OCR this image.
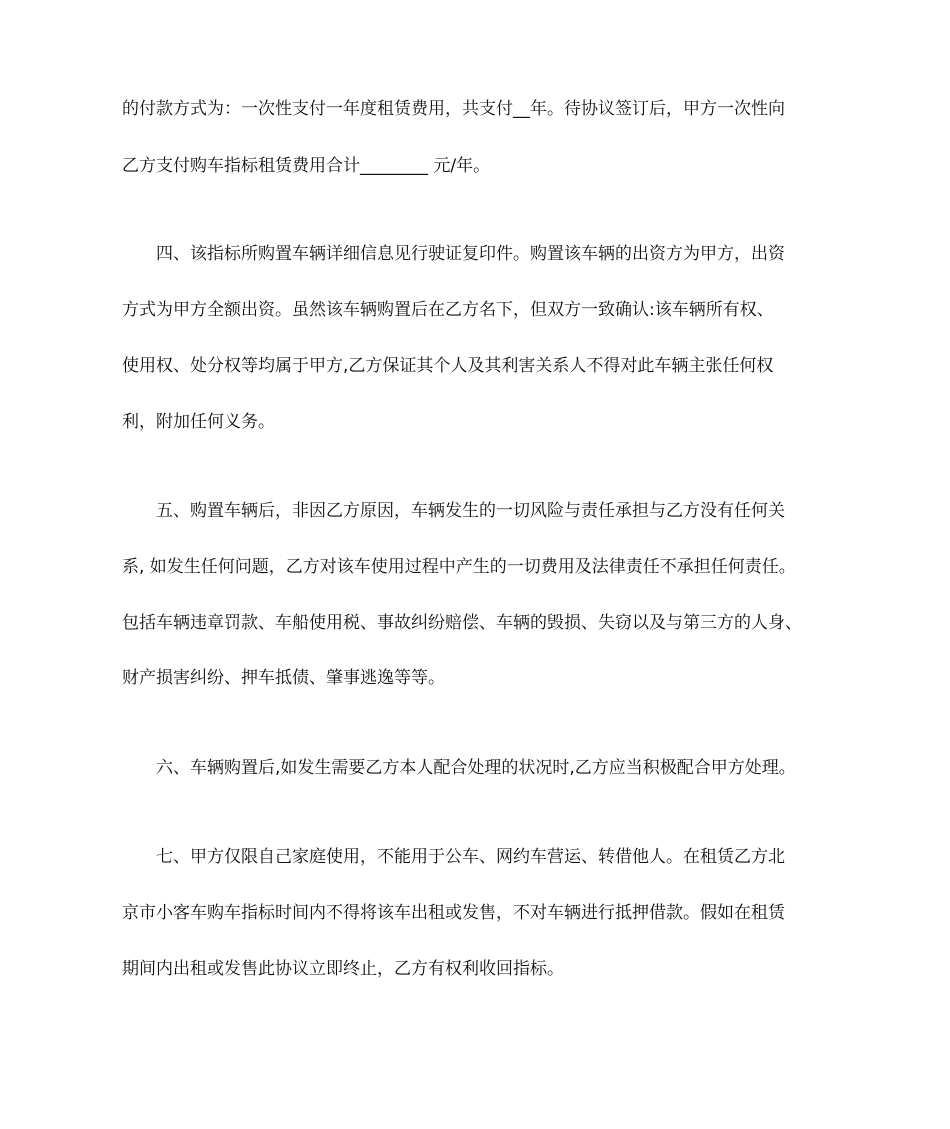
的付款方式为：一次性支付一年度租赁费用，共支付__年。待协议签订后，甲方一次性向
乙方支付购车指标租赁费用合计________ 元/年。
四、该指标所购置车辆详细信息见行驶证复印件。购置该车辆的出资方为甲方，出资
方式为甲方全额出资。虽然该车辆购置后在乙方名下，但双方一致确认:该车辆所有权、
使用权、处分权等均属于甲方,乙方保证其个人及其利害关系人不得对此车辆主张任何权
利，附加任何义务。
五、购置车辆后，非因乙方原因，车辆发生的一切风险与责任承担与乙方没有任何关
系, 如发生任何问题，乙方对该车使用过程中产生的一切费用及法律责任不承担任何责任。
包括车辆违章罚款、车船使用税、事故纠纷赔偿、车辆的毁损、失窃以及与第三方的人身、
财产损害纠纷、押车抵债、肇事逃逸等等。
六、车辆购置后,如发生需要乙方本人配合处理的状况时,乙方应当积极配合甲方处理。
七、甲方仅限自己家庭使用，不能用于公车、网约车营运、转借他人。在租赁乙方北
京市小客车购车指标时间内不得将该车出租或发售，不对车辆进行抵押借款。假如在租赁
期间内出租或发售此协议立即终止，乙方有权利收回指标。
